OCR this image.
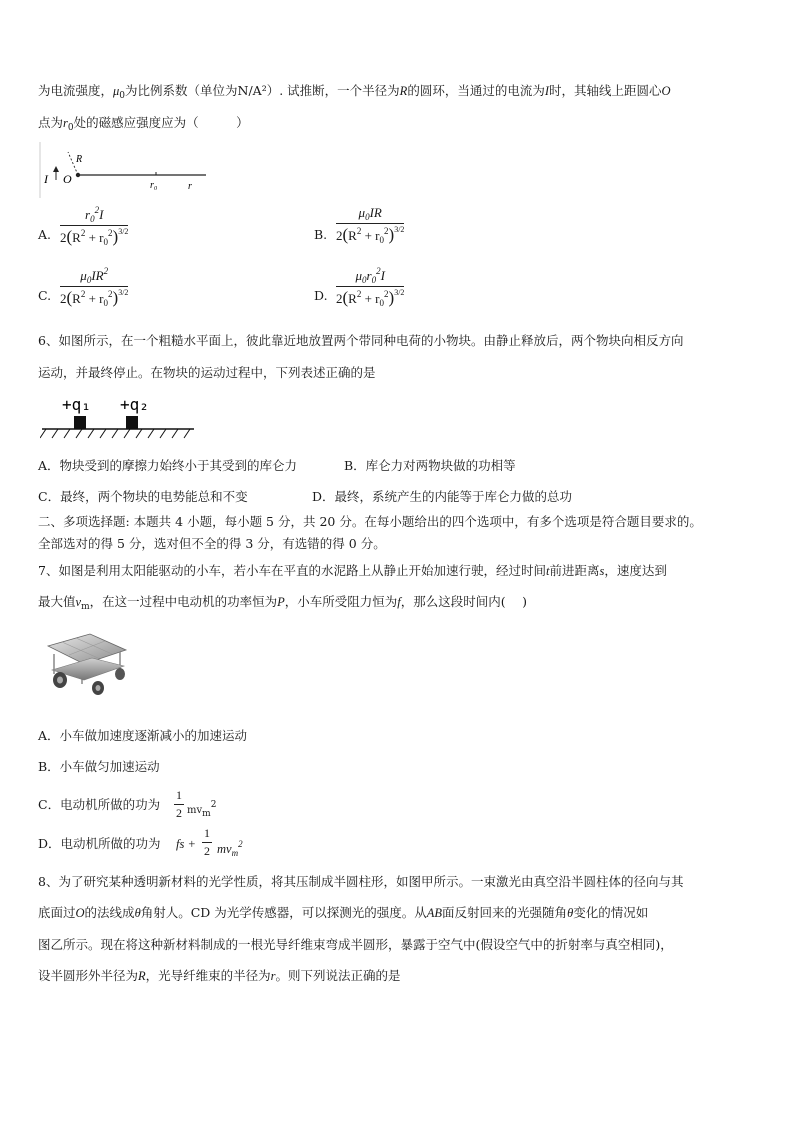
为电流强度，$\mu_0$为比例系数（单位为N/A²）. 试推断，一个半径为R的圆环，当通过的电流为I时，其轴线上距圆心O
点为$r_0$处的磁感应强度应为（　　　）
I O
R
r₀	r
A.
$r_0^2I$
$2(R^2 + r_0^2)^{3/2}$	B.
$\mu_0IR$
$2(R^2 + r_0^2)^{3/2}$
C.
$\mu_0IR^2$
$2(R^2 + r_0^2)^{3/2}$	D.
$\mu_0r_0^2I$
$2(R^2 + r_0^2)^{3/2}$
6、如图所示，在一个粗糙水平面上，彼此靠近地放置两个带同种电荷的小物块。由静止释放后，两个物块向相反方向
运动，并最终停止。在物块的运动过程中，下列表述正确的是
+q₁ +q₂
A．物块受到的摩擦力始终小于其受到的库仑力	B．库仑力对两物块做的功相等
C．最终，两个物块的电势能总和不变	D．最终，系统产生的内能等于库仑力做的总功
二、多项选择题: 本题共 4 小题，每小题 5 分，共 20 分。在每小题给出的四个选项中，有多个选项是符合题目要求的。
全部选对的得 5 分，选对但不全的得 3 分，有选错的得 0 分。
7、如图是利用太阳能驱动的小车，若小车在平直的水泥路上从静止开始加速行驶，经过时间t前进距离s，速度达到
最大值$v_m$，在这一过程中电动机的功率恒为P，小车所受阻力恒为f，那么这段时间内(　 )
A．小车做加速度逐渐减小的加速运动
B．小车做匀加速运动
C．电动机所做的功为
1
2 mvm2
D．电动机所做的功为 fs +
1
2 $mv_m^2$
8、为了研究某种透明新材料的光学性质，将其压制成半圆柱形，如图甲所示。一束激光由真空沿半圆柱体的径向与其
底面过O的法线成θ角射人。CD 为光学传感器，可以探测光的强度。从AB面反射回来的光强随角θ变化的情况如
图乙所示。现在将这种新材料制成的一根光导纤维束弯成半圆形，暴露于空气中(假设空气中的折射率与真空相同)，
设半圆形外半径为R，光导纤维束的半径为r。则下列说法正确的是
